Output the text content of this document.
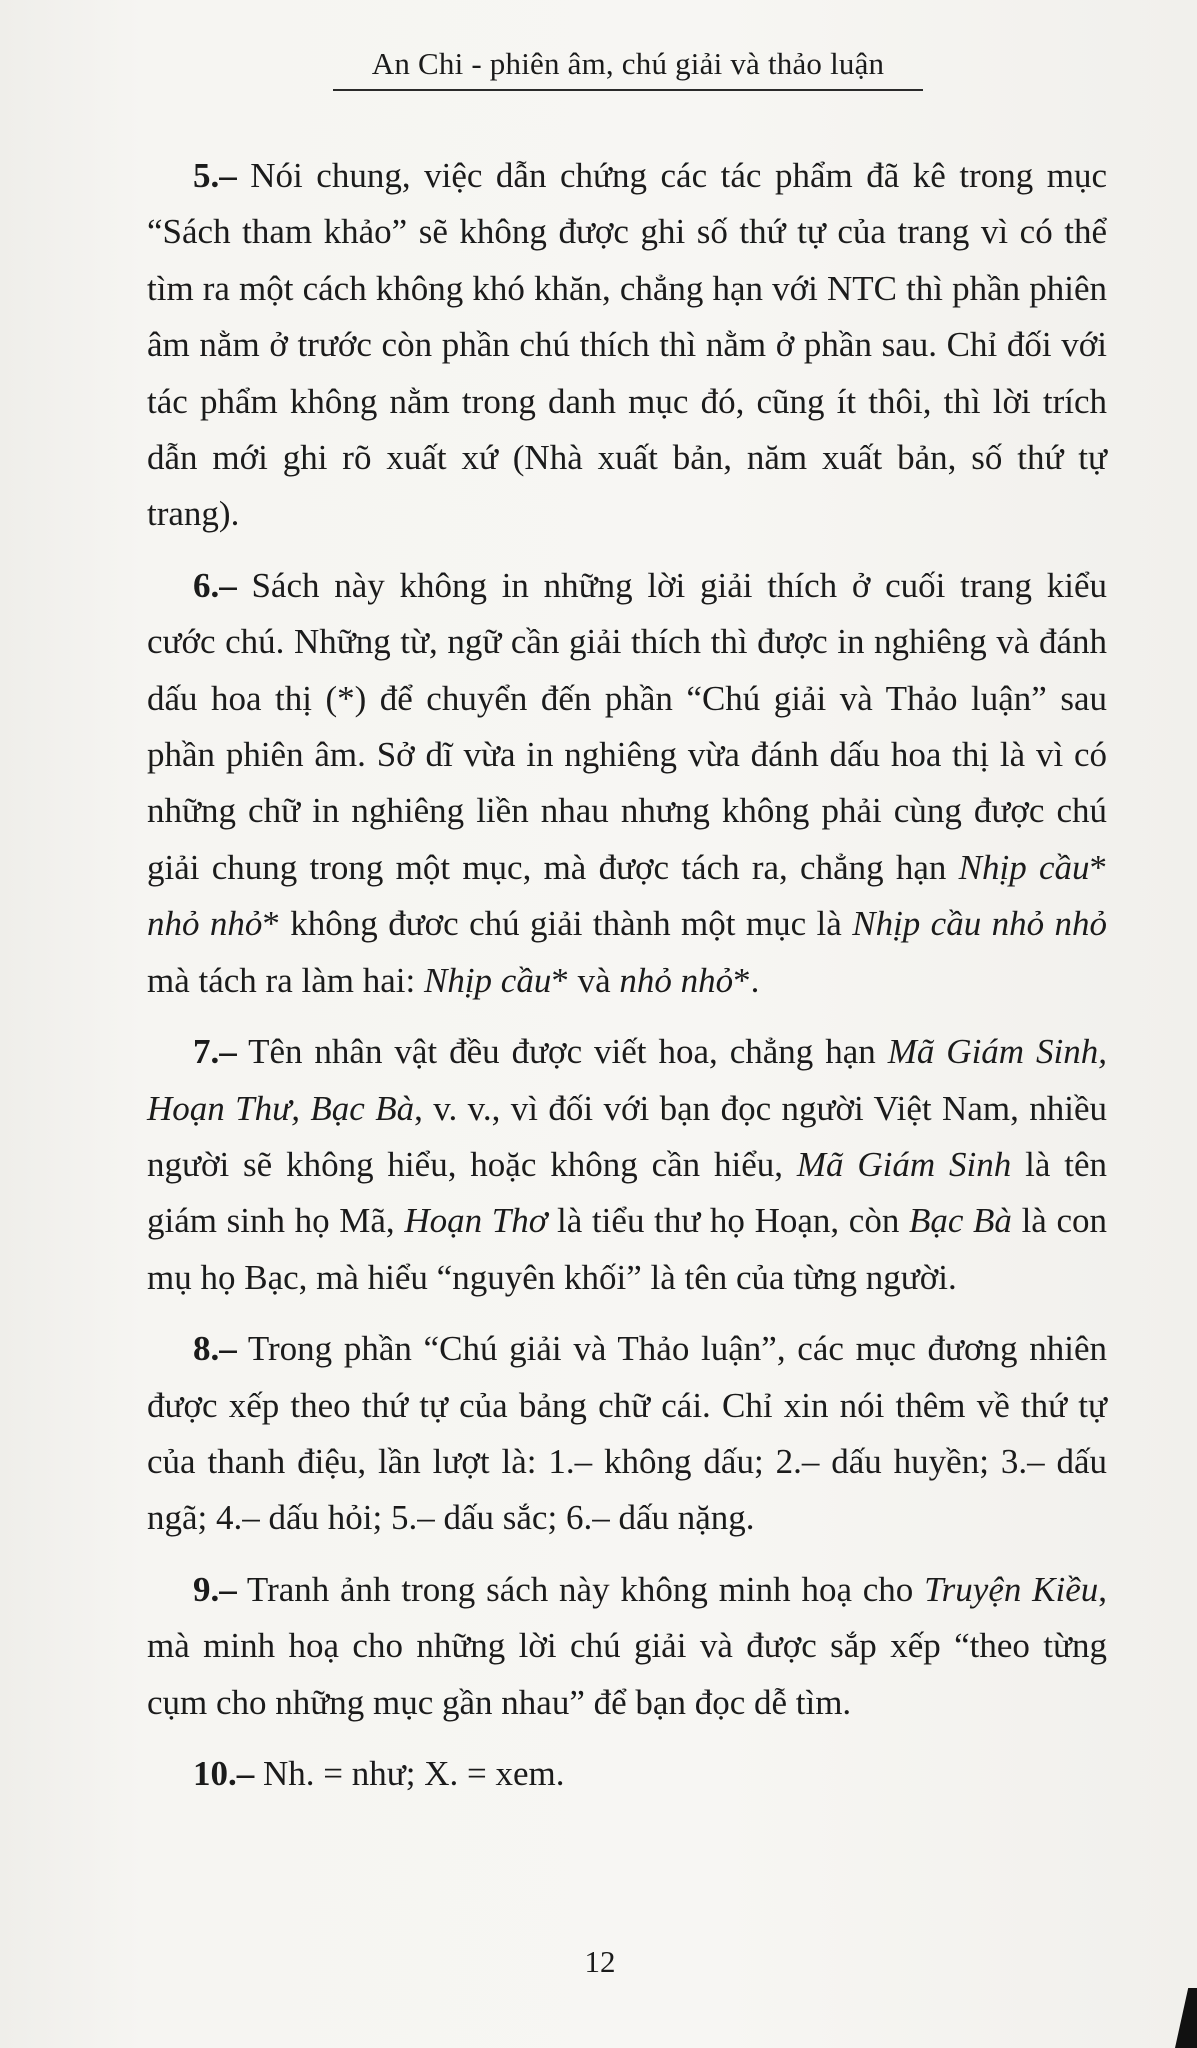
An Chi - phiên âm, chú giải và thảo luận

5.– Nói chung, việc dẫn chứng các tác phẩm đã kê trong mục “Sách tham khảo” sẽ không được ghi số thứ tự của trang vì có thể tìm ra một cách không khó khăn, chẳng hạn với NTC thì phần phiên âm nằm ở trước còn phần chú thích thì nằm ở phần sau. Chỉ đối với tác phẩm không nằm trong danh mục đó, cũng ít thôi, thì lời trích dẫn mới ghi rõ xuất xứ (Nhà xuất bản, năm xuất bản, số thứ tự trang).

6.– Sách này không in những lời giải thích ở cuối trang kiểu cước chú. Những từ, ngữ cần giải thích thì được in nghiêng và đánh dấu hoa thị (*) để chuyển đến phần “Chú giải và Thảo luận” sau phần phiên âm. Sở dĩ vừa in nghiêng vừa đánh dấu hoa thị là vì có những chữ in nghiêng liền nhau nhưng không phải cùng được chú giải chung trong một mục, mà được tách ra, chẳng hạn Nhịp cầu* nhỏ nhỏ* không đươc chú giải thành một mục là Nhịp cầu nhỏ nhỏ mà tách ra làm hai: Nhịp cầu* và nhỏ nhỏ*.

7.– Tên nhân vật đều được viết hoa, chẳng hạn Mã Giám Sinh, Hoạn Thư, Bạc Bà, v. v., vì đối với bạn đọc người Việt Nam, nhiều người sẽ không hiểu, hoặc không cần hiểu, Mã Giám Sinh là tên giám sinh họ Mã, Hoạn Thơ là tiểu thư họ Hoạn, còn Bạc Bà là con mụ họ Bạc, mà hiểu “nguyên khối” là tên của từng người.

8.– Trong phần “Chú giải và Thảo luận”, các mục đương nhiên được xếp theo thứ tự của bảng chữ cái. Chỉ xin nói thêm về thứ tự của thanh điệu, lần lượt là: 1.– không dấu; 2.– dấu huyền; 3.– dấu ngã; 4.– dấu hỏi; 5.– dấu sắc; 6.– dấu nặng.

9.– Tranh ảnh trong sách này không minh hoạ cho Truyện Kiều, mà minh hoạ cho những lời chú giải và được sắp xếp “theo từng cụm cho những mục gần nhau” để bạn đọc dễ tìm.

10.– Nh. = như; X. = xem.

12
